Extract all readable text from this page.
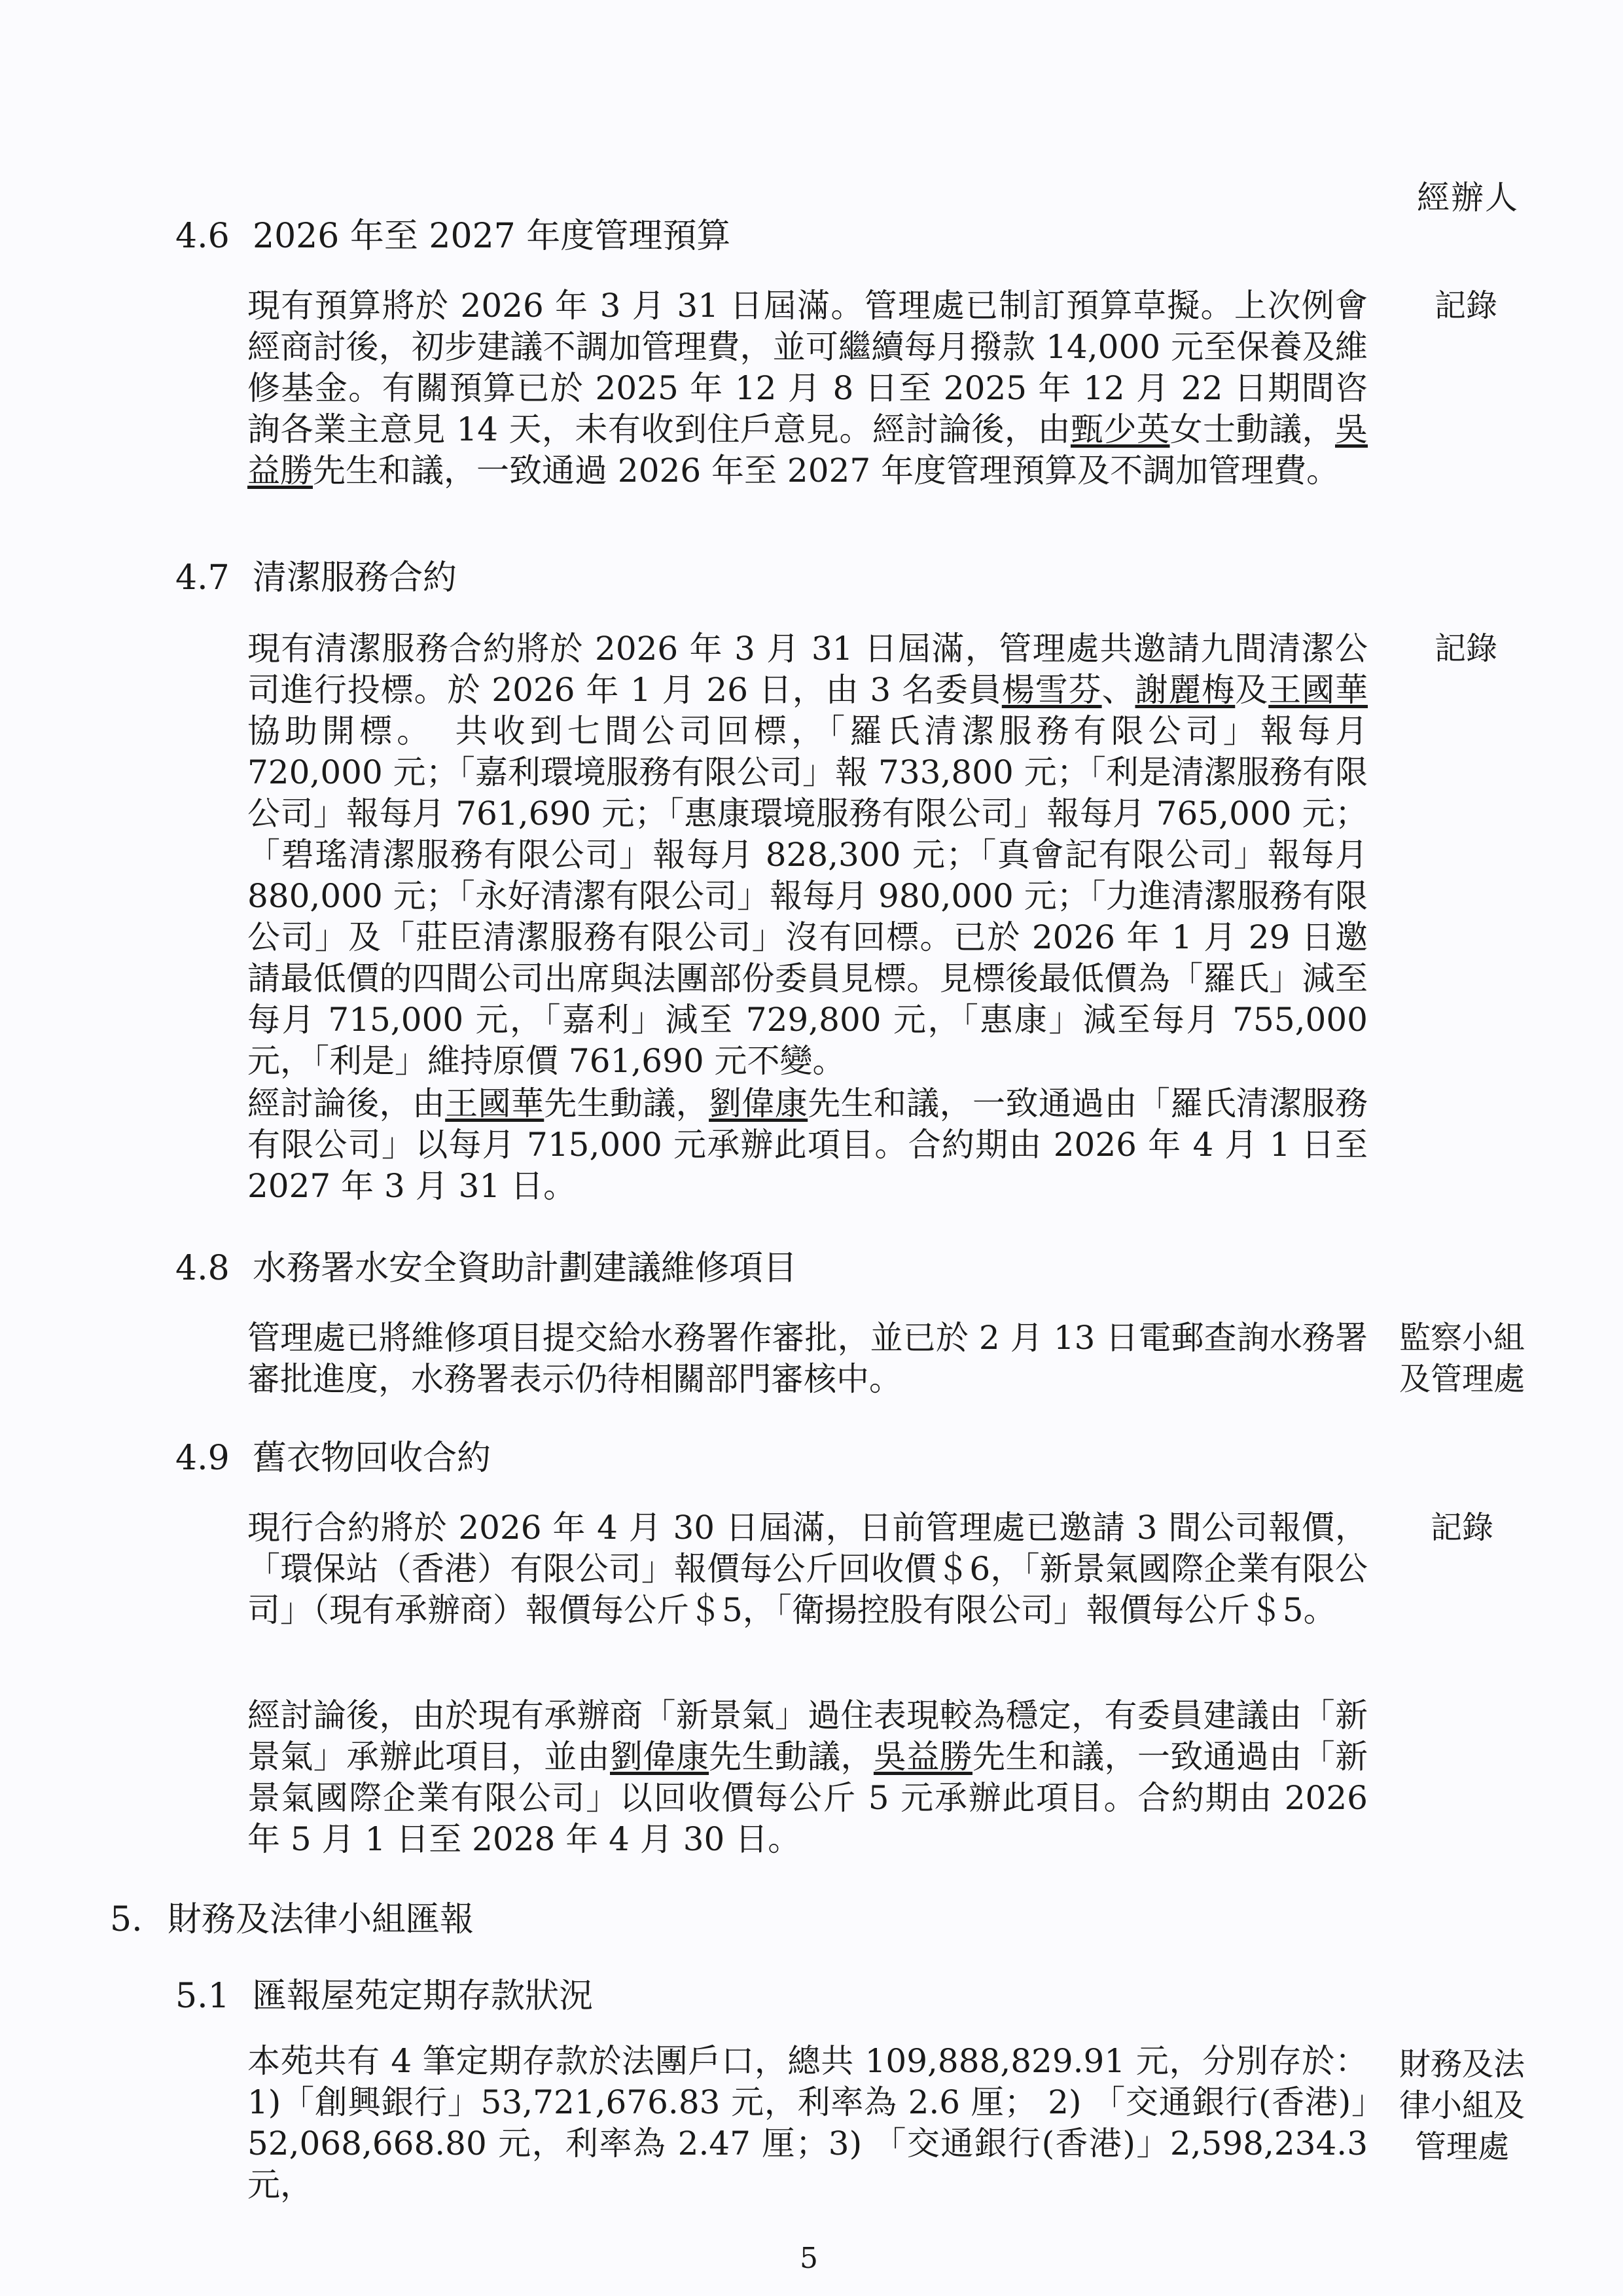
經辦人
4.6 2026 年至 2027 年度管理預算
現有預算將於 2026 年 3 月 31 日屆滿。管理處已制訂預算草擬。上次例會經商討後，初步建議不調加管理費，並可繼續每月撥款 14,000 元至保養及維修基金。有關預算已於 2025 年 12 月 8 日至 2025 年 12 月 22 日期間咨詢各業主意見 14 天，未有收到住戶意見。經討論後，由甄少英女士動議，吳益勝先生和議，一致通過 2026 年至 2027 年度管理預算及不調加管理費。
記錄
4.7 清潔服務合約
現有清潔服務合約將於 2026 年 3 月 31 日屆滿，管理處共邀請九間清潔公司進行投標。於 2026 年 1 月 26 日，由 3 名委員楊雪芬、謝麗梅及王國華協助開標。　共收到七間公司回標，「羅氏清潔服務有限公司」報每月 720,000 元；「嘉利環境服務有限公司」報 733,800 元；「利是清潔服務有限公司」報每月 761,690 元；「惠康環境服務有限公司」報每月 765,000 元；「碧瑤清潔服務有限公司」報每月 828,300 元；「真會記有限公司」報每月 880,000 元；「永好清潔有限公司」報每月 980,000 元；「力進清潔服務有限公司」及「莊臣清潔服務有限公司」沒有回標。已於 2026 年 1 月 29 日邀請最低價的四間公司出席與法團部份委員見標。見標後最低價為「羅氏」減至每月 715,000 元，「嘉利」減至 729,800 元，「惠康」減至每月 755,000 元，「利是」維持原價 761,690 元不變。
記錄
經討論後，由王國華先生動議，劉偉康先生和議，一致通過由「羅氏清潔服務有限公司」以每月 715,000 元承辦此項目。合約期由 2026 年 4 月 1 日至 2027 年 3 月 31 日。
4.8 水務署水安全資助計劃建議維修項目
管理處已將維修項目提交給水務署作審批，並已於 2 月 13 日電郵查詢水務署審批進度，水務署表示仍待相關部門審核中。
監察小組
及管理處
4.9 舊衣物回收合約
現行合約將於 2026 年 4 月 30 日屆滿，日前管理處已邀請 3 間公司報價，「環保站（香港）有限公司」報價每公斤回收價＄6，「新景氣國際企業有限公司」（現有承辦商）報價每公斤＄5，「衛揚控股有限公司」報價每公斤＄5。
記錄
經討論後，由於現有承辦商「新景氣」過住表現較為穩定，有委員建議由「新景氣」承辦此項目，並由劉偉康先生動議，吳益勝先生和議，一致通過由「新景氣國際企業有限公司」以回收價每公斤 5 元承辦此項目。合約期由 2026 年 5 月 1 日至 2028 年 4 月 30 日。
5. 財務及法律小組匯報
5.1 匯報屋苑定期存款狀況
本苑共有 4 筆定期存款於法團戶口，總共 109,888,829.91 元，分別存於：1)「創興銀行」53,721,676.83 元，利率為 2.6 厘； 2) 「交通銀行(香港)」52,068,668.80 元，利率為 2.47 厘；3) 「交通銀行(香港)」2,598,234.3 元，
財務及法
律小組及
管理處
5
